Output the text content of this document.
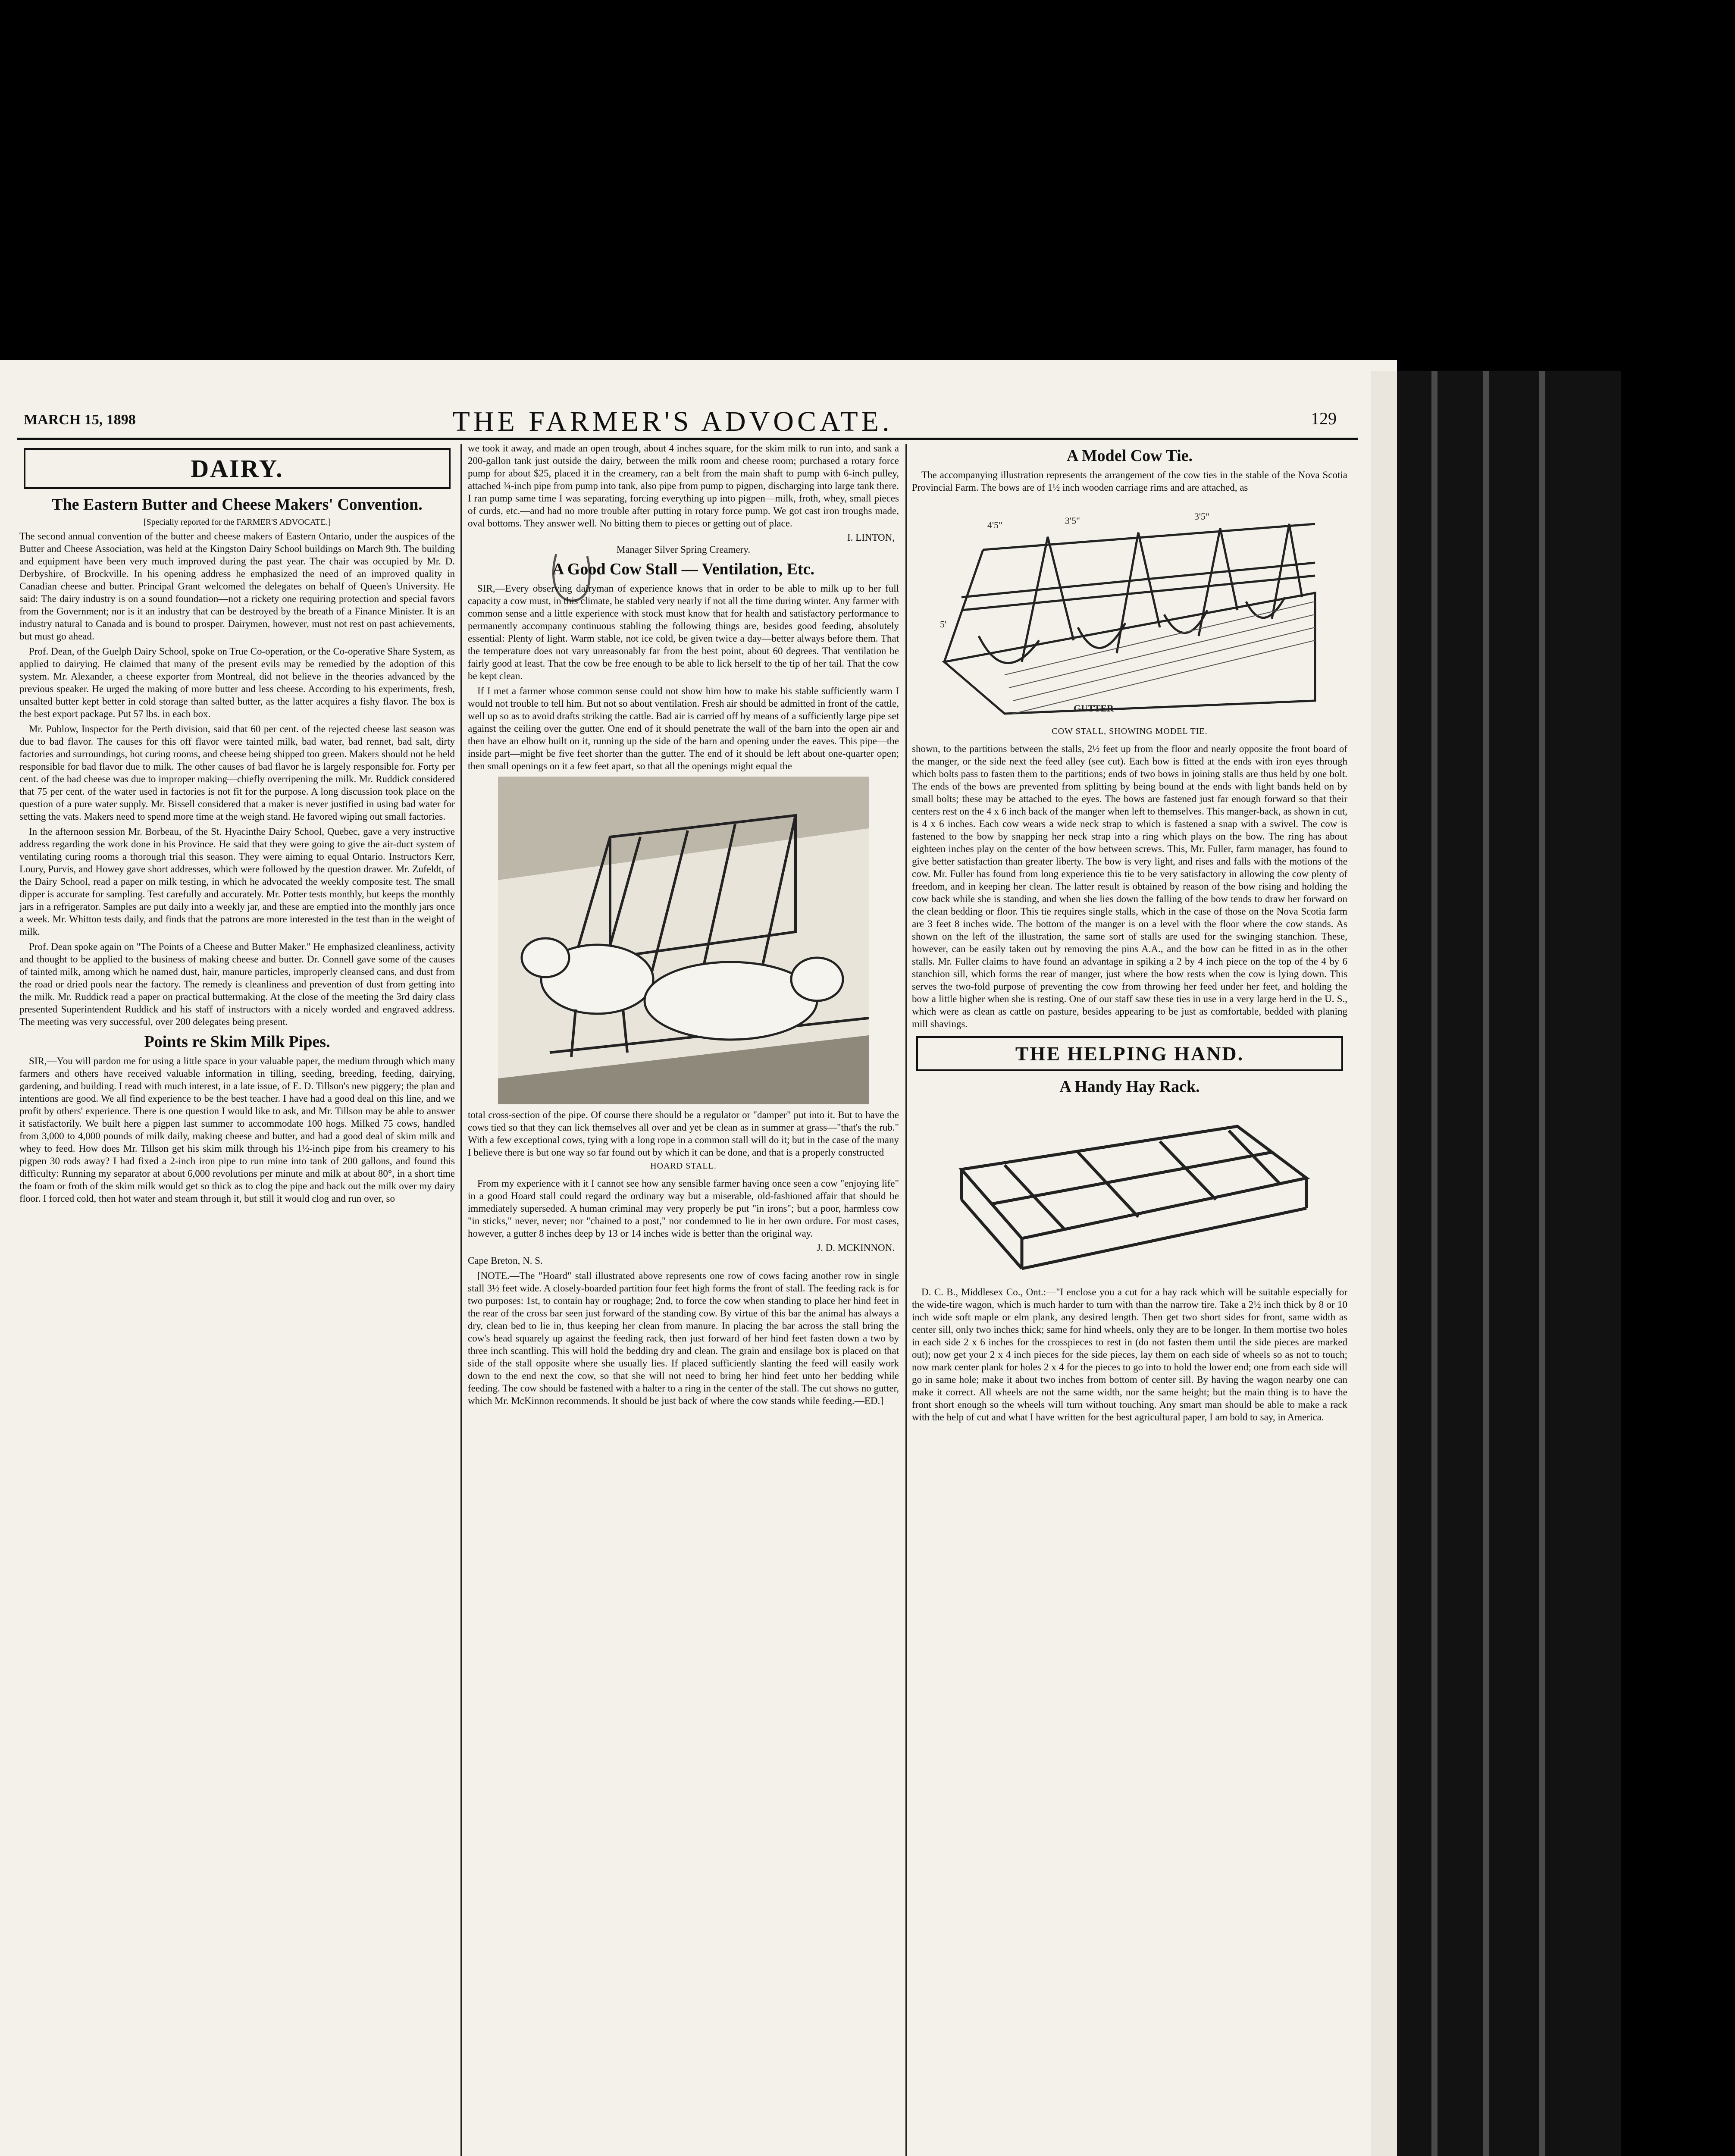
MARCH 15, 1898	THE FARMER'S ADVOCATE.	129
DAIRY.
The Eastern Butter and Cheese Makers' Convention.
[Specially reported for the FARMER'S ADVOCATE.]

The second annual convention of the butter and cheese makers of Eastern Ontario, under the auspices of the Butter and Cheese Association, was held at the Kingston Dairy School buildings on March 9th. The building and equipment have been very much improved during the past year. The chair was occupied by Mr. D. Derbyshire, of Brockville. In his opening address he emphasized the need of an improved quality in Canadian cheese and butter. Principal Grant welcomed the delegates on behalf of Queen's University. He said: The dairy industry is on a sound foundation—not a rickety one requiring protection and special favors from the Government; nor is it an industry that can be destroyed by the breath of a Finance Minister. It is an industry natural to Canada and is bound to prosper. Dairymen, however, must not rest on past achievements, but must go ahead.

Prof. Dean, of the Guelph Dairy School, spoke on True Co-operation, or the Co-operative Share System, as applied to dairying. He claimed that many of the present evils may be remedied by the adoption of this system. Mr. Alexander, a cheese exporter from Montreal, did not believe in the theories advanced by the previous speaker. He urged the making of more butter and less cheese. According to his experiments, fresh, unsalted butter kept better in cold storage than salted butter, as the latter acquires a fishy flavor. The box is the best export package. Put 57 lbs. in each box.

Mr. Publow, Inspector for the Perth division, said that 60 per cent. of the rejected cheese last season was due to bad flavor. The causes for this off flavor were tainted milk, bad water, bad rennet, bad salt, dirty factories and surroundings, hot curing rooms, and cheese being shipped too green. Makers should not be held responsible for bad flavor due to milk. The other causes of bad flavor he is largely responsible for. Forty per cent. of the bad cheese was due to improper making—chiefly overripening the milk. Mr. Ruddick considered that 75 per cent. of the water used in factories is not fit for the purpose. A long discussion took place on the question of a pure water supply. Mr. Bissell considered that a maker is never justified in using bad water for setting the vats. Makers need to spend more time at the weigh stand. He favored wiping out small factories.

In the afternoon session Mr. Borbeau, of the St. Hyacinthe Dairy School, Quebec, gave a very instructive address regarding the work done in his Province. He said that they were going to give the air-duct system of ventilating curing rooms a thorough trial this season. They were aiming to equal Ontario. Instructors Kerr, Loury, Purvis, and Howey gave short addresses, which were followed by the question drawer. Mr. Zufeldt, of the Dairy School, read a paper on milk testing, in which he advocated the weekly composite test. The small dipper is accurate for sampling. Test carefully and accurately. Mr. Potter tests monthly, but keeps the monthly jars in a refrigerator. Samples are put daily into a weekly jar, and these are emptied into the monthly jars once a week. Mr. Whitton tests daily, and finds that the patrons are more interested in the test than in the weight of milk.

Prof. Dean spoke again on "The Points of a Cheese and Butter Maker." He emphasized cleanliness, activity and thought to be applied to the business of making cheese and butter. Dr. Connell gave some of the causes of tainted milk, among which he named dust, hair, manure particles, improperly cleansed cans, and dust from the road or dried pools near the factory. The remedy is cleanliness and prevention of dust from getting into the milk. Mr. Ruddick read a paper on practical buttermaking. At the close of the meeting the 3rd dairy class presented Superintendent Ruddick and his staff of instructors with a nicely worded and engraved address. The meeting was very successful, over 200 delegates being present.

Points re Skim Milk Pipes.

SIR,—You will pardon me for using a little space in your valuable paper, the medium through which many farmers and others have received valuable information in tilling, seeding, breeding, feeding, dairying, gardening, and building. I read with much interest, in a late issue, of E. D. Tillson's new piggery; the plan and intentions are good. We all find experience to be the best teacher. I have had a good deal on this line, and we profit by others' experience. There is one question I would like to ask, and Mr. Tillson may be able to answer it satisfactorily. We built here a pigpen last summer to accommodate 100 hogs. Milked 75 cows, handled from 3,000 to 4,000 pounds of milk daily, making cheese and butter, and had a good deal of skim milk and whey to feed. How does Mr. Tillson get his skim milk through his 1½-inch pipe from his creamery to his pigpen 30 rods away? I had fixed a 2-inch iron pipe to run mine into tank of 200 gallons, and found this difficulty: Running my separator at about 6,000 revolutions per minute and milk at about 80°, in a short time the foam or froth of the skim milk would get so thick as to clog the pipe and back out the milk over my dairy floor. I forced cold, then hot water and steam through it, but still it would clog and run over, so

we took it away, and made an open trough, about 4 inches square, for the skim milk to run into, and sank a 200-gallon tank just outside the dairy, between the milk room and cheese room; purchased a rotary force pump for about $25, placed it in the creamery, ran a belt from the main shaft to pump with 6-inch pulley, attached ¾-inch pipe from pump into tank, also pipe from pump to pigpen, discharging into large tank there. I ran pump same time I was separating, forcing everything up into pigpen—milk, froth, whey, small pieces of curds, etc.—and had no more trouble after putting in rotary force pump. We got cast iron troughs made, oval bottoms. They answer well. No bitting them to pieces or getting out of place.

I. LINTON,
Manager Silver Spring Creamery.
A Good Cow Stall — Ventilation, Etc.

SIR,—Every observing dairyman of experience knows that in order to be able to milk up to her full capacity a cow must, in this climate, be stabled very nearly if not all the time during winter. Any farmer with common sense and a little experience with stock must know that for health and satisfactory performance to permanently accompany continuous stabling the following things are, besides good feeding, absolutely essential: Plenty of light. Warm stable, not ice cold, be given twice a day—better always before them. That the temperature does not vary unreasonably far from the best point, about 60 degrees. That ventilation be fairly good at least. That the cow be free enough to be able to lick herself to the tip of her tail. That the cow be kept clean.

If I met a farmer whose common sense could not show him how to make his stable sufficiently warm I would not trouble to tell him. But not so about ventilation. Fresh air should be admitted in front of the cattle, well up so as to avoid drafts striking the cattle. Bad air is carried off by means of a sufficiently large pipe set against the ceiling over the gutter. One end of it should penetrate the wall of the barn into the open air and then have an elbow built on it, running up the side of the barn and opening under the eaves. This pipe—the inside part—might be five feet shorter than the gutter. The end of it should be left about one-quarter open; then small openings on it a few feet apart, so that all the openings might equal the

total cross-section of the pipe. Of course there should be a regulator or "damper" put into it. But to have the cows tied so that they can lick themselves all over and yet be clean as in summer at grass—"that's the rub." With a few exceptional cows, tying with a long rope in a common stall will do it; but in the case of the many I believe there is but one way so far found out by which it can be done, and that is a properly constructed

HOARD STALL.

From my experience with it I cannot see how any sensible farmer having once seen a cow "enjoying life" in a good Hoard stall could regard the ordinary way but a miserable, old-fashioned affair that should be immediately superseded. A human criminal may very properly be put "in irons"; but a poor, harmless cow "in sticks," never, never; nor "chained to a post," nor condemned to lie in her own ordure. For most cases, however, a gutter 8 inches deep by 13 or 14 inches wide is better than the original way.

J. D. MCKINNON.

Cape Breton, N. S.

[NOTE.—The "Hoard" stall illustrated above represents one row of cows facing another row in single stall 3½ feet wide. A closely-boarded partition four feet high forms the front of stall. The feeding rack is for two purposes: 1st, to contain hay or roughage; 2nd, to force the cow when standing to place her hind feet in the rear of the cross bar seen just forward of the standing cow. By virtue of this bar the animal has always a dry, clean bed to lie in, thus keeping her clean from manure. In placing the bar across the stall bring the cow's head squarely up against the feeding rack, then just forward of her hind feet fasten down a two by three inch scantling. This will hold the bedding dry and clean. The grain and ensilage box is placed on that side of the stall opposite where she usually lies. If placed sufficiently slanting the feed will easily work down to the end next the cow, so that she will not need to bring her hind feet unto her bedding while feeding. The cow should be fastened with a halter to a ring in the center of the stall. The cut shows no gutter, which Mr. McKinnon recommends. It should be just back of where the cow stands while feeding.—ED.]

A Model Cow Tie.

The accompanying illustration represents the arrangement of the cow ties in the stable of the Nova Scotia Provincial Farm. The bows are of 1½ inch wooden carriage rims and are attached, as

4'5"	3'5"	3'5"
5'
GUTTER
COW STALL, SHOWING MODEL TIE.

shown, to the partitions between the stalls, 2½ feet up from the floor and nearly opposite the front board of the manger, or the side next the feed alley (see cut). Each bow is fitted at the ends with iron eyes through which bolts pass to fasten them to the partitions; ends of two bows in joining stalls are thus held by one bolt. The ends of the bows are prevented from splitting by being bound at the ends with light bands held on by small bolts; these may be attached to the eyes. The bows are fastened just far enough forward so that their centers rest on the 4 x 6 inch back of the manger when left to themselves. This manger-back, as shown in cut, is 4 x 6 inches. Each cow wears a wide neck strap to which is fastened a snap with a swivel. The cow is fastened to the bow by snapping her neck strap into a ring which plays on the bow. The ring has about eighteen inches play on the center of the bow between screws. This, Mr. Fuller, farm manager, has found to give better satisfaction than greater liberty. The bow is very light, and rises and falls with the motions of the cow. Mr. Fuller has found from long experience this tie to be very satisfactory in allowing the cow plenty of freedom, and in keeping her clean. The latter result is obtained by reason of the bow rising and holding the cow back while she is standing, and when she lies down the falling of the bow tends to draw her forward on the clean bedding or floor. This tie requires single stalls, which in the case of those on the Nova Scotia farm are 3 feet 8 inches wide. The bottom of the manger is on a level with the floor where the cow stands. As shown on the left of the illustration, the same sort of stalls are used for the swinging stanchion. These, however, can be easily taken out by removing the pins A.A., and the bow can be fitted in as in the other stalls. Mr. Fuller claims to have found an advantage in spiking a 2 by 4 inch piece on the top of the 4 by 6 stanchion sill, which forms the rear of manger, just where the bow rests when the cow is lying down. This serves the two-fold purpose of preventing the cow from throwing her feed under her feet, and holding the bow a little higher when she is resting. One of our staff saw these ties in use in a very large herd in the U. S., which were as clean as cattle on pasture, besides appearing to be just as comfortable, bedded with planing mill shavings.

THE HELPING HAND.
A Handy Hay Rack.

D. C. B., Middlesex Co., Ont.:—"I enclose you a cut for a hay rack which will be suitable especially for the wide-tire wagon, which is much harder to turn with than the narrow tire. Take a 2½ inch thick by 8 or 10 inch wide soft maple or elm plank, any desired length. Then get two short sides for front, same width as center sill, only two inches thick; same for hind wheels, only they are to be longer. In them mortise two holes in each side 2 x 6 inches for the crosspieces to rest in (do not fasten them until the side pieces are marked out); now get your 2 x 4 inch pieces for the side pieces, lay them on each side of wheels so as not to touch; now mark center plank for holes 2 x 4 for the pieces to go into to hold the lower end; one from each side will go in same hole; make it about two inches from bottom of center sill. By having the wagon nearby one can make it correct. All wheels are not the same width, nor the same height; but the main thing is to have the front short enough so the wheels will turn without touching. Any smart man should be able to make a rack with the help of cut and what I have written for the best agricultural paper, I am bold to say, in America.
